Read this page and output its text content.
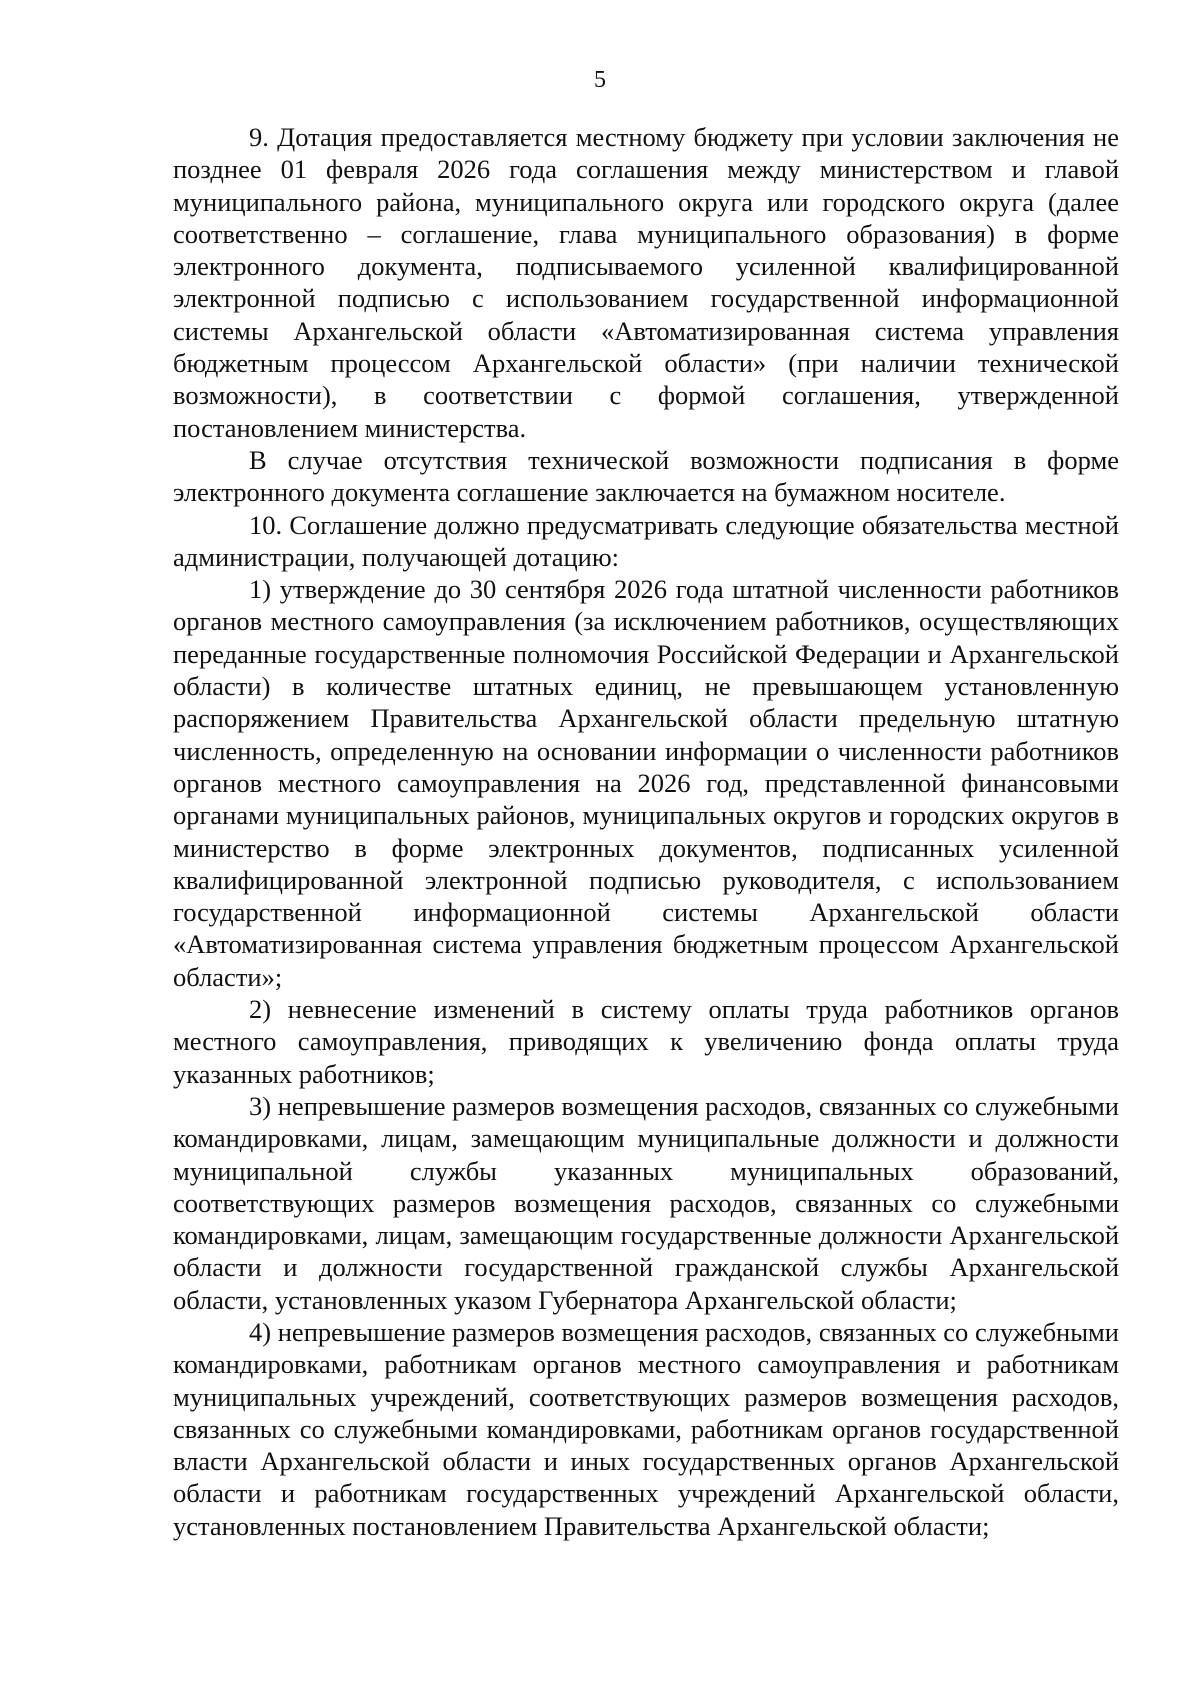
5

9. Дотация предоставляется местному бюджету при условии заключения не позднее 01 февраля 2026 года соглашения между министерством и главой муниципального района, муниципального округа или городского округа (далее соответственно – соглашение, глава муниципального образования) в форме электронного документа, подписываемого усиленной квалифицированной электронной подписью с использованием государственной информационной системы Архангельской области «Автоматизированная система управления бюджетным процессом Архангельской области» (при наличии технической возможности), в соответствии с формой соглашения, утвержденной постановлением министерства.

В случае отсутствия технической возможности подписания в форме электронного документа соглашение заключается на бумажном носителе.

10. Соглашение должно предусматривать следующие обязательства местной администрации, получающей дотацию:

1) утверждение до 30 сентября 2026 года штатной численности работников органов местного самоуправления (за исключением работников, осуществляющих переданные государственные полномочия Российской Федерации и Архангельской области) в количестве штатных единиц, не превышающем установленную распоряжением Правительства Архангельской области предельную штатную численность, определенную на основании информации о численности работников органов местного самоуправления на 2026 год, представленной финансовыми органами муниципальных районов, муниципальных округов и городских округов в министерство в форме электронных документов, подписанных усиленной квалифицированной электронной подписью руководителя, с использованием государственной информационной системы Архангельской области «Автоматизированная система управления бюджетным процессом Архангельской области»;

2) невнесение изменений в систему оплаты труда работников органов местного самоуправления, приводящих к увеличению фонда оплаты труда указанных работников;

3) непревышение размеров возмещения расходов, связанных со служебными командировками, лицам, замещающим муниципальные должности и должности муниципальной службы указанных муниципальных образований, соответствующих размеров возмещения расходов, связанных со служебными командировками, лицам, замещающим государственные должности Архангельской области и должности государственной гражданской службы Архангельской области, установленных указом Губернатора Архангельской области;

4) непревышение размеров возмещения расходов, связанных со служебными командировками, работникам органов местного самоуправления и работникам муниципальных учреждений, соответствующих размеров возмещения расходов, связанных со служебными командировками, работникам органов государственной власти Архангельской области и иных государственных органов Архангельской области и работникам государственных учреждений Архангельской области, установленных постановлением Правительства Архангельской области;
